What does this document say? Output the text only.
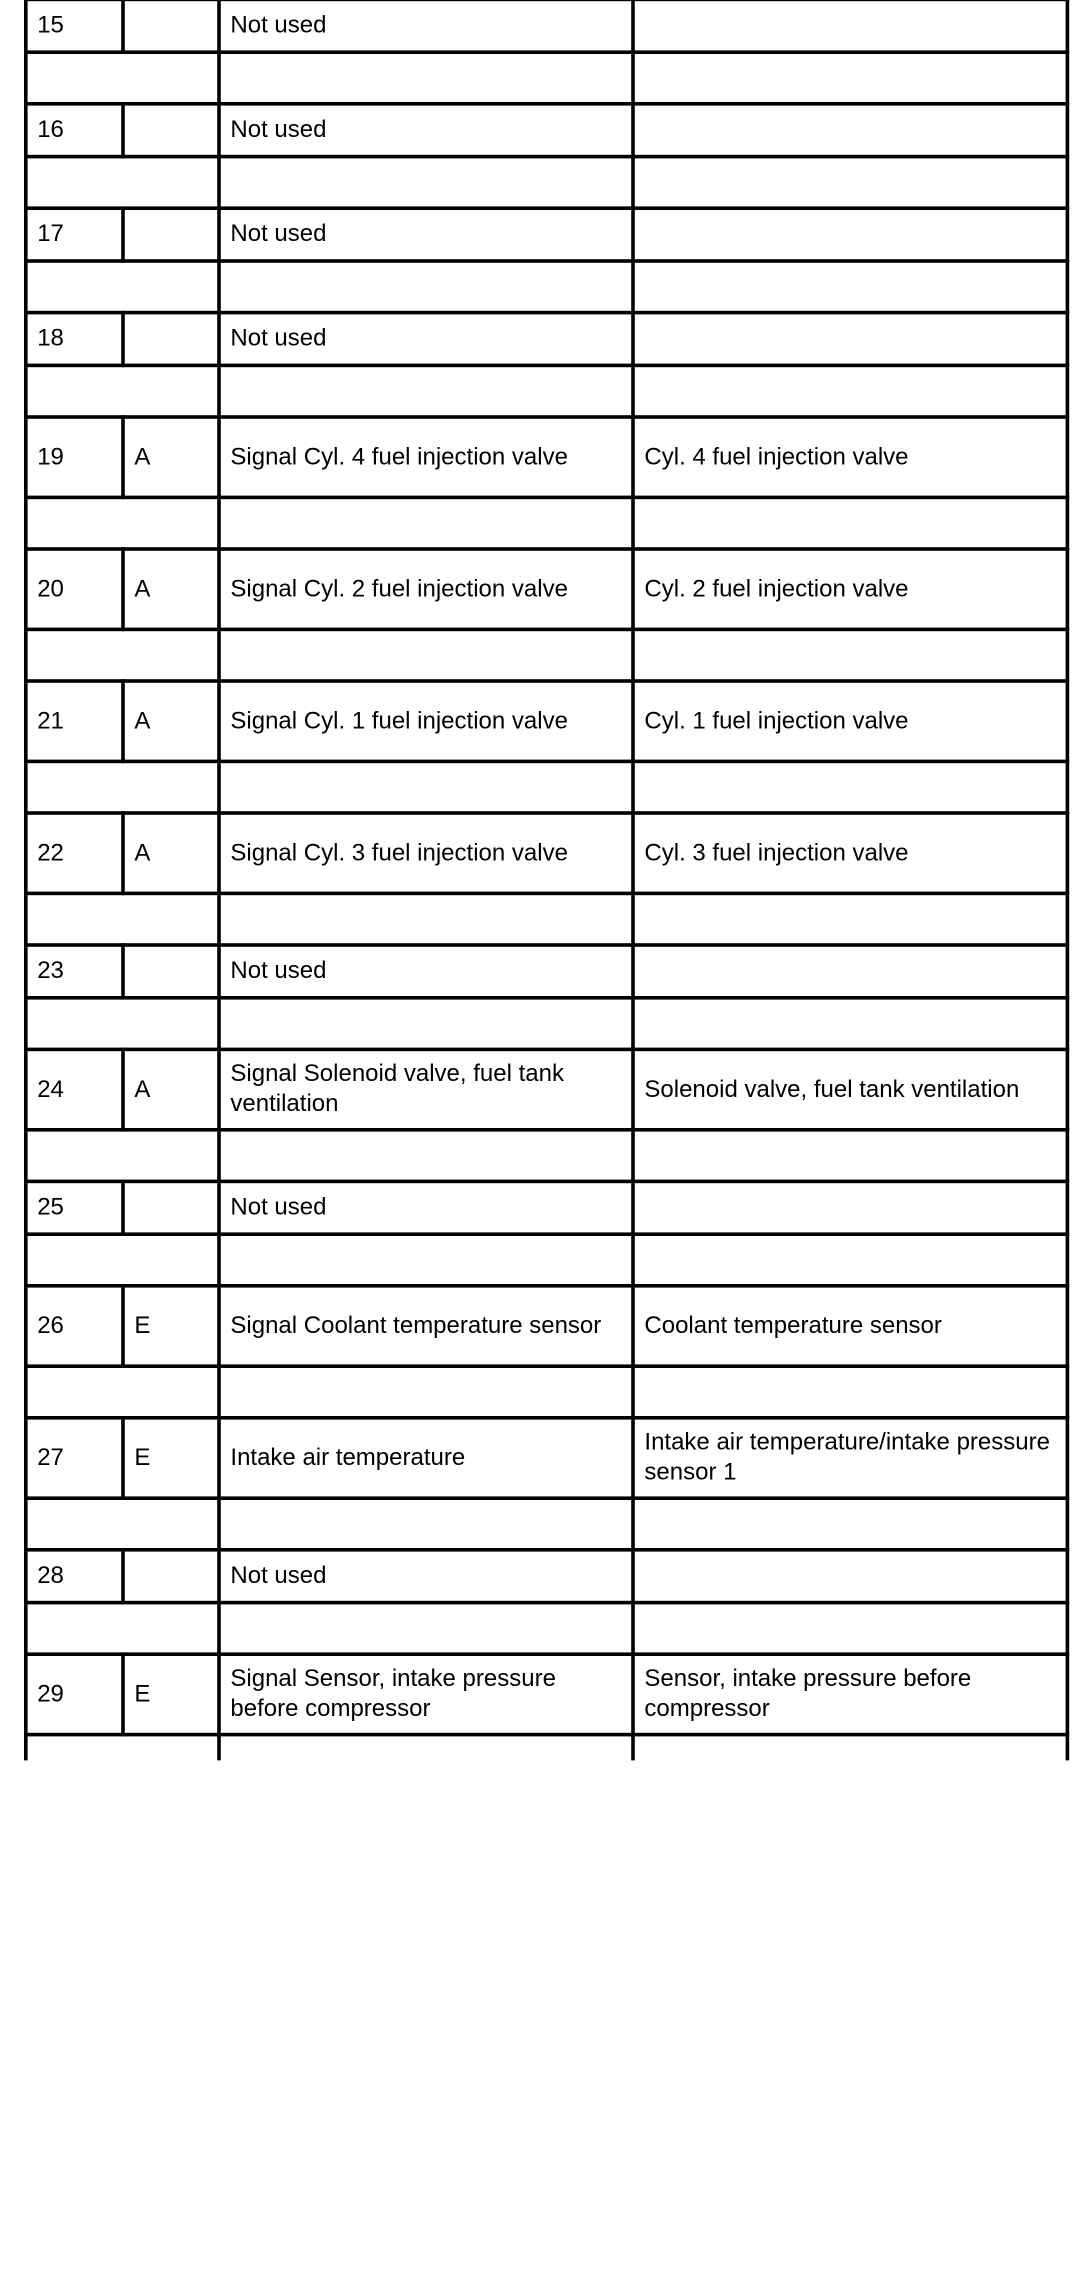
15		Not used	

16		Not used	

17		Not used	

18		Not used	

19	A	Signal Cyl. 4 fuel injection valve	Cyl. 4 fuel injection valve

20	A	Signal Cyl. 2 fuel injection valve	Cyl. 2 fuel injection valve

21	A	Signal Cyl. 1 fuel injection valve	Cyl. 1 fuel injection valve

22	A	Signal Cyl. 3 fuel injection valve	Cyl. 3 fuel injection valve

23		Not used	

24	A	Signal Solenoid valve, fuel tank ventilation	Solenoid valve, fuel tank ventilation

25		Not used	

26	E	Signal Coolant temperature sensor	Coolant temperature sensor

27	E	Intake air temperature	Intake air temperature/intake pressure sensor 1

28		Not used	

29	E	Signal Sensor, intake pressure before compressor	Sensor, intake pressure before compressor
